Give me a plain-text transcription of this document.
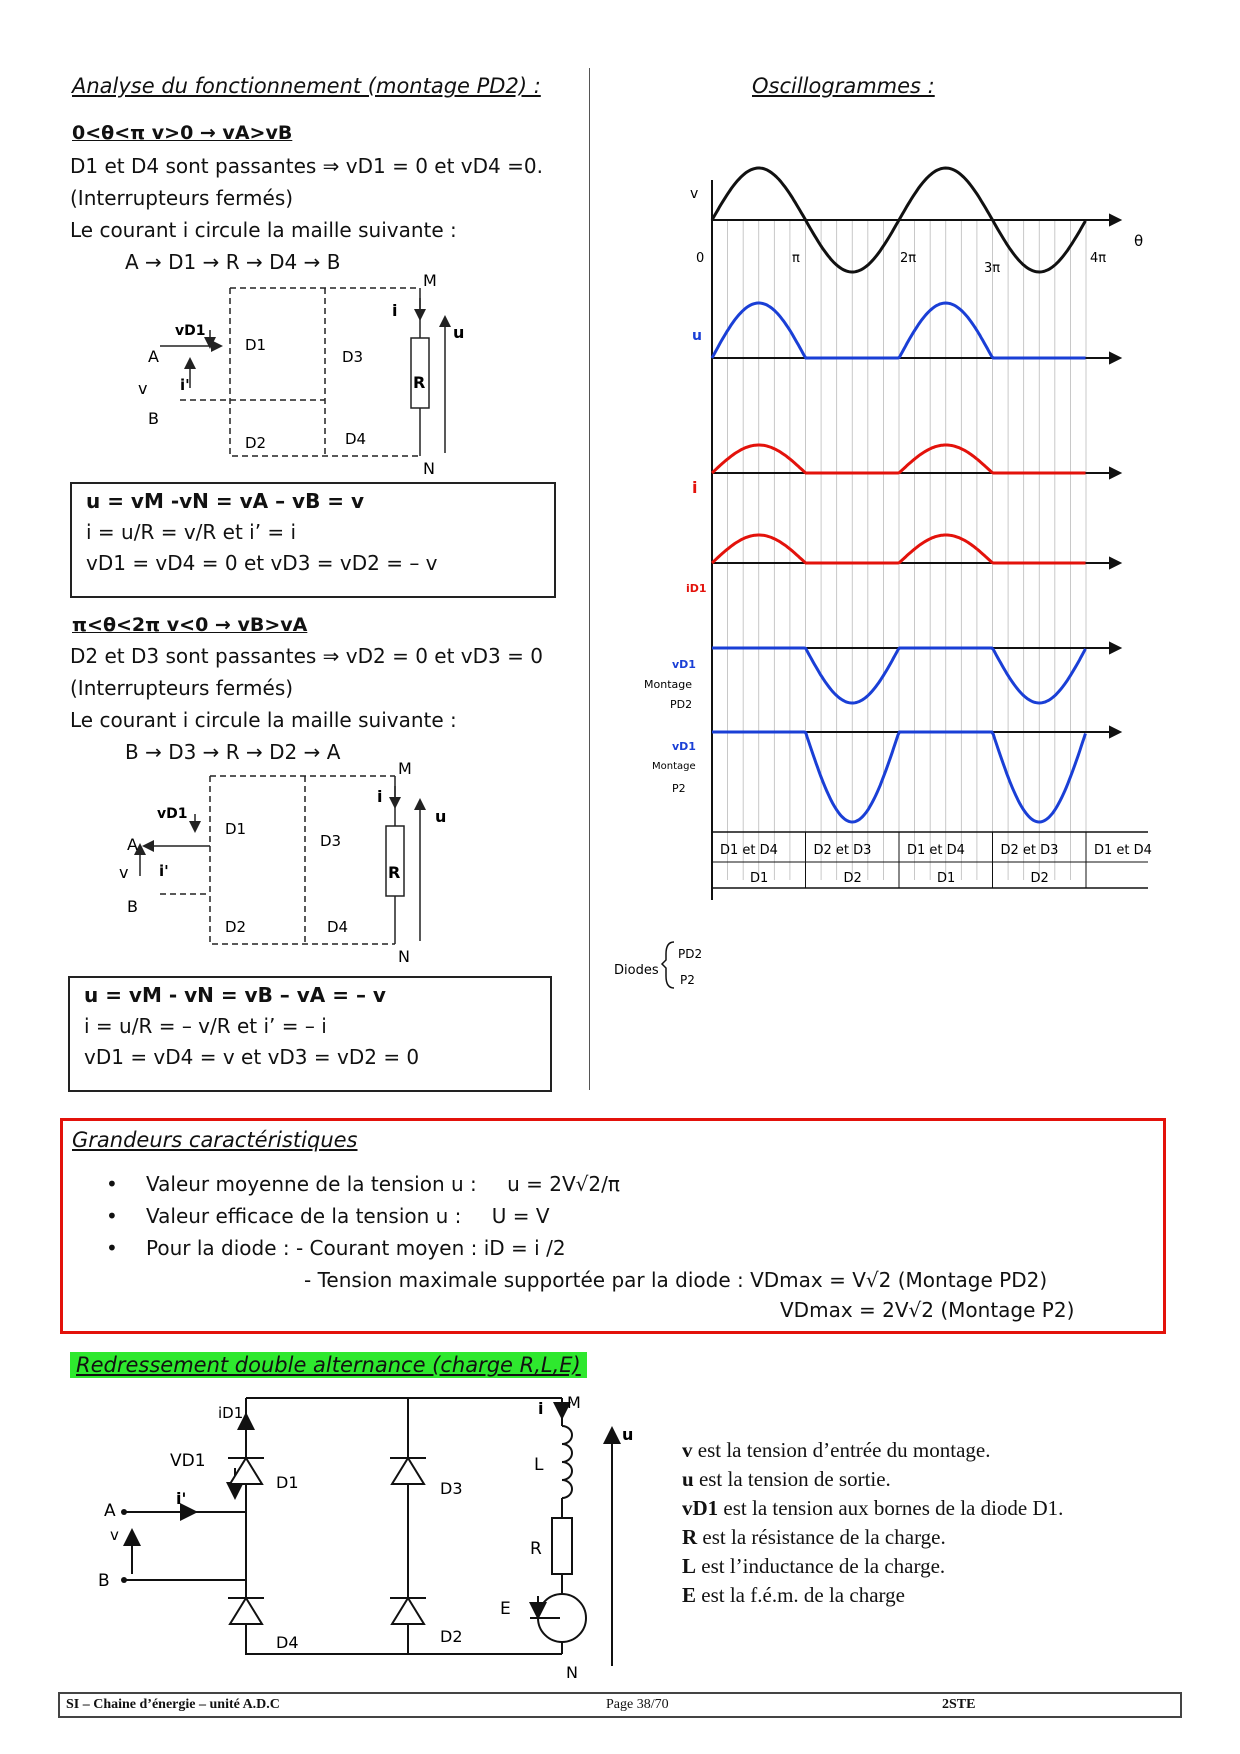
Analyse du fonctionnement (montage PD2) :
0<θ<π v>0 → vA>vB
D1 et D4 sont passantes ⇒ vD1 = 0 et vD4 =0.
(Interrupteurs fermés)
Le courant i circule la maille suivante :
A → D1 → R → D4 → B
M
N
i
u
R
vD1
D1
D3
D2	D4
A
v
B
i'
u = vM -vN = vA – vB = v
i = u/R = v/R et i’ = i
vD1 = vD4 = 0 et vD3 = vD2 = – v
π<θ<2π v<0 → vB>vA
D2 et D3 sont passantes ⇒ vD2 = 0 et vD3 = 0
(Interrupteurs fermés)
Le courant i circule la maille suivante :
B → D3 → R → D2 → A
M
N
i
u
R
vD1
D1
D3
D2	D4
A
v
B
i'
u = vM - vN = vB – vA = – v
i = u/R = – v/R et i’ = – i
vD1 = vD4 = v et vD3 = vD2 = 0
Oscillogrammes :
v
u
i
iD1
θ
0	π	2π
3π
4π
vD1
Montage
PD2
vD1
Montage
P2
Diodes
PD2
P2
D1 et D4	D2 et D3	D1 et D4	D2 et D3	D1 et D4
D1	D2	D1	D2
Grandeurs caractéristiques
• Valeur moyenne de la tension u : u = 2V√2/π
• Valeur efficace de la tension u : U = V
• Pour la diode : - Courant moyen : iD = i /2
- Tension maximale supportée par la diode : VDmax = V√2 (Montage PD2)
VDmax = 2V√2 (Montage P2)
Redressement double alternance (charge R,L,E)
iD1
VD1
D1	D3
D4	D2
A
v
B
i'
i M
N
L
R
E
u
v est la tension d’entrée du montage.
u est la tension de sortie.
vD1 est la tension aux bornes de la diode D1.
R est la résistance de la charge.
L est l’inductance de la charge.
E est la f.é.m. de la charge
SI – Chaine d’énergie – unité A.D.C	Page 38/70	2STE
